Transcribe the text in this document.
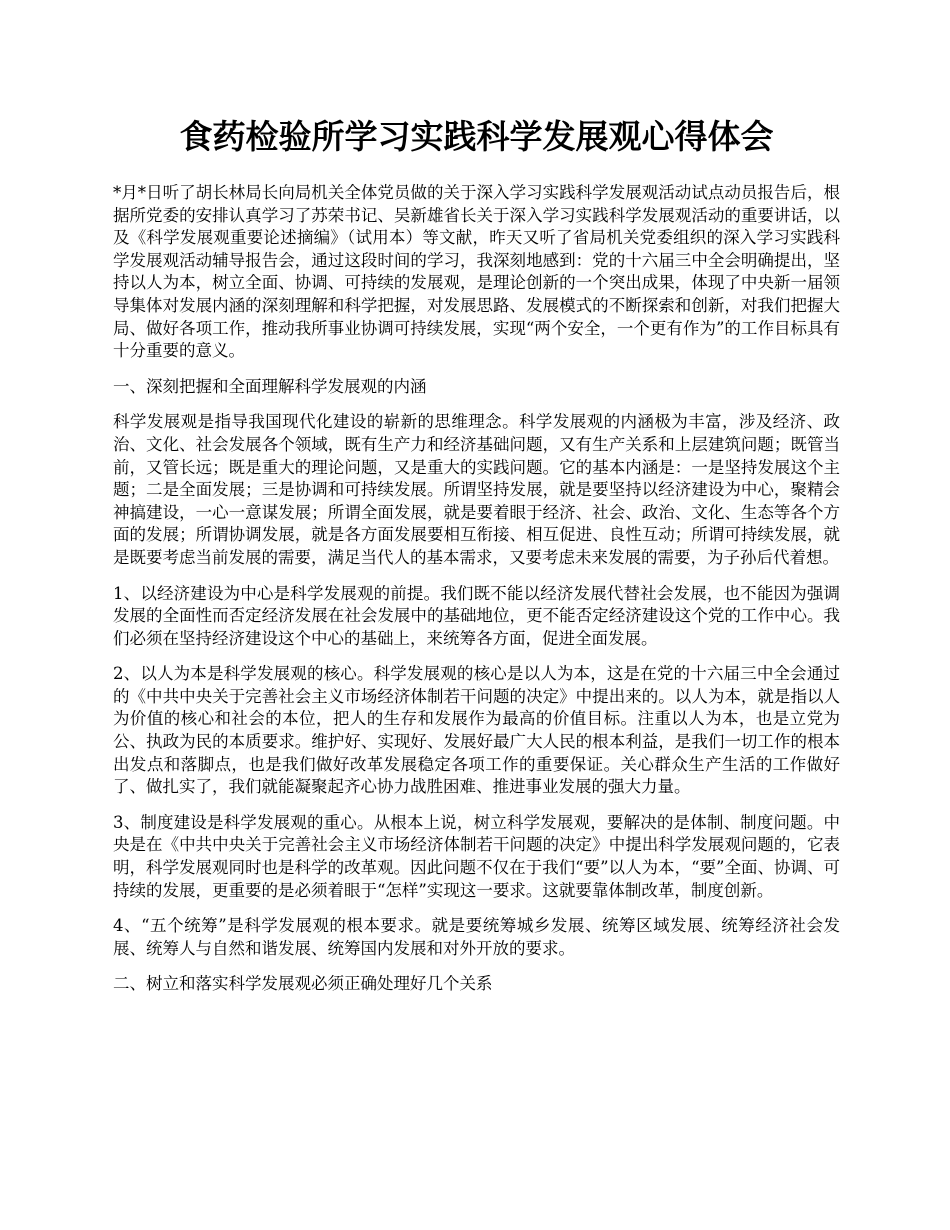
食药检验所学习实践科学发展观心得体会

*月*日听了胡长林局长向局机关全体党员做的关于深入学习实践科学发展观活动试点动员报告后，根据所党委的安排认真学习了苏荣书记、吴新雄省长关于深入学习实践科学发展观活动的重要讲话，以及《科学发展观重要论述摘编》（试用本）等文献，昨天又听了省局机关党委组织的深入学习实践科学发展观活动辅导报告会，通过这段时间的学习，我深刻地感到：党的十六届三中全会明确提出，坚持以人为本，树立全面、协调、可持续的发展观，是理论创新的一个突出成果，体现了中央新一届领导集体对发展内涵的深刻理解和科学把握，对发展思路、发展模式的不断探索和创新，对我们把握大局、做好各项工作，推动我所事业协调可持续发展，实现“两个安全，一个更有作为”的工作目标具有十分重要的意义。

一、深刻把握和全面理解科学发展观的内涵

科学发展观是指导我国现代化建设的崭新的思维理念。科学发展观的内涵极为丰富，涉及经济、政治、文化、社会发展各个领域，既有生产力和经济基础问题，又有生产关系和上层建筑问题；既管当前，又管长远；既是重大的理论问题，又是重大的实践问题。它的基本内涵是：一是坚持发展这个主题；二是全面发展；三是协调和可持续发展。所谓坚持发展，就是要坚持以经济建设为中心，聚精会神搞建设，一心一意谋发展；所谓全面发展，就是要着眼于经济、社会、政治、文化、生态等各个方面的发展；所谓协调发展，就是各方面发展要相互衔接、相互促进、良性互动；所谓可持续发展，就是既要考虑当前发展的需要，满足当代人的基本需求，又要考虑未来发展的需要，为子孙后代着想。

1、以经济建设为中心是科学发展观的前提。我们既不能以经济发展代替社会发展，也不能因为强调发展的全面性而否定经济发展在社会发展中的基础地位，更不能否定经济建设这个党的工作中心。我们必须在坚持经济建设这个中心的基础上，来统筹各方面，促进全面发展。

2、以人为本是科学发展观的核心。科学发展观的核心是以人为本，这是在党的十六届三中全会通过的《中共中央关于完善社会主义市场经济体制若干问题的决定》中提出来的。以人为本，就是指以人为价值的核心和社会的本位，把人的生存和发展作为最高的价值目标。注重以人为本，也是立党为公、执政为民的本质要求。维护好、实现好、发展好最广大人民的根本利益，是我们一切工作的根本出发点和落脚点，也是我们做好改革发展稳定各项工作的重要保证。关心群众生产生活的工作做好了、做扎实了，我们就能凝聚起齐心协力战胜困难、推进事业发展的强大力量。

3、制度建设是科学发展观的重心。从根本上说，树立科学发展观，要解决的是体制、制度问题。中央是在《中共中央关于完善社会主义市场经济体制若干问题的决定》中提出科学发展观问题的，它表明，科学发展观同时也是科学的改革观。因此问题不仅在于我们“要”以人为本，“要”全面、协调、可持续的发展，更重要的是必须着眼于“怎样”实现这一要求。这就要靠体制改革，制度创新。

4、“五个统筹”是科学发展观的根本要求。就是要统筹城乡发展、统筹区域发展、统筹经济社会发展、统筹人与自然和谐发展、统筹国内发展和对外开放的要求。

二、树立和落实科学发展观必须正确处理好几个关系
